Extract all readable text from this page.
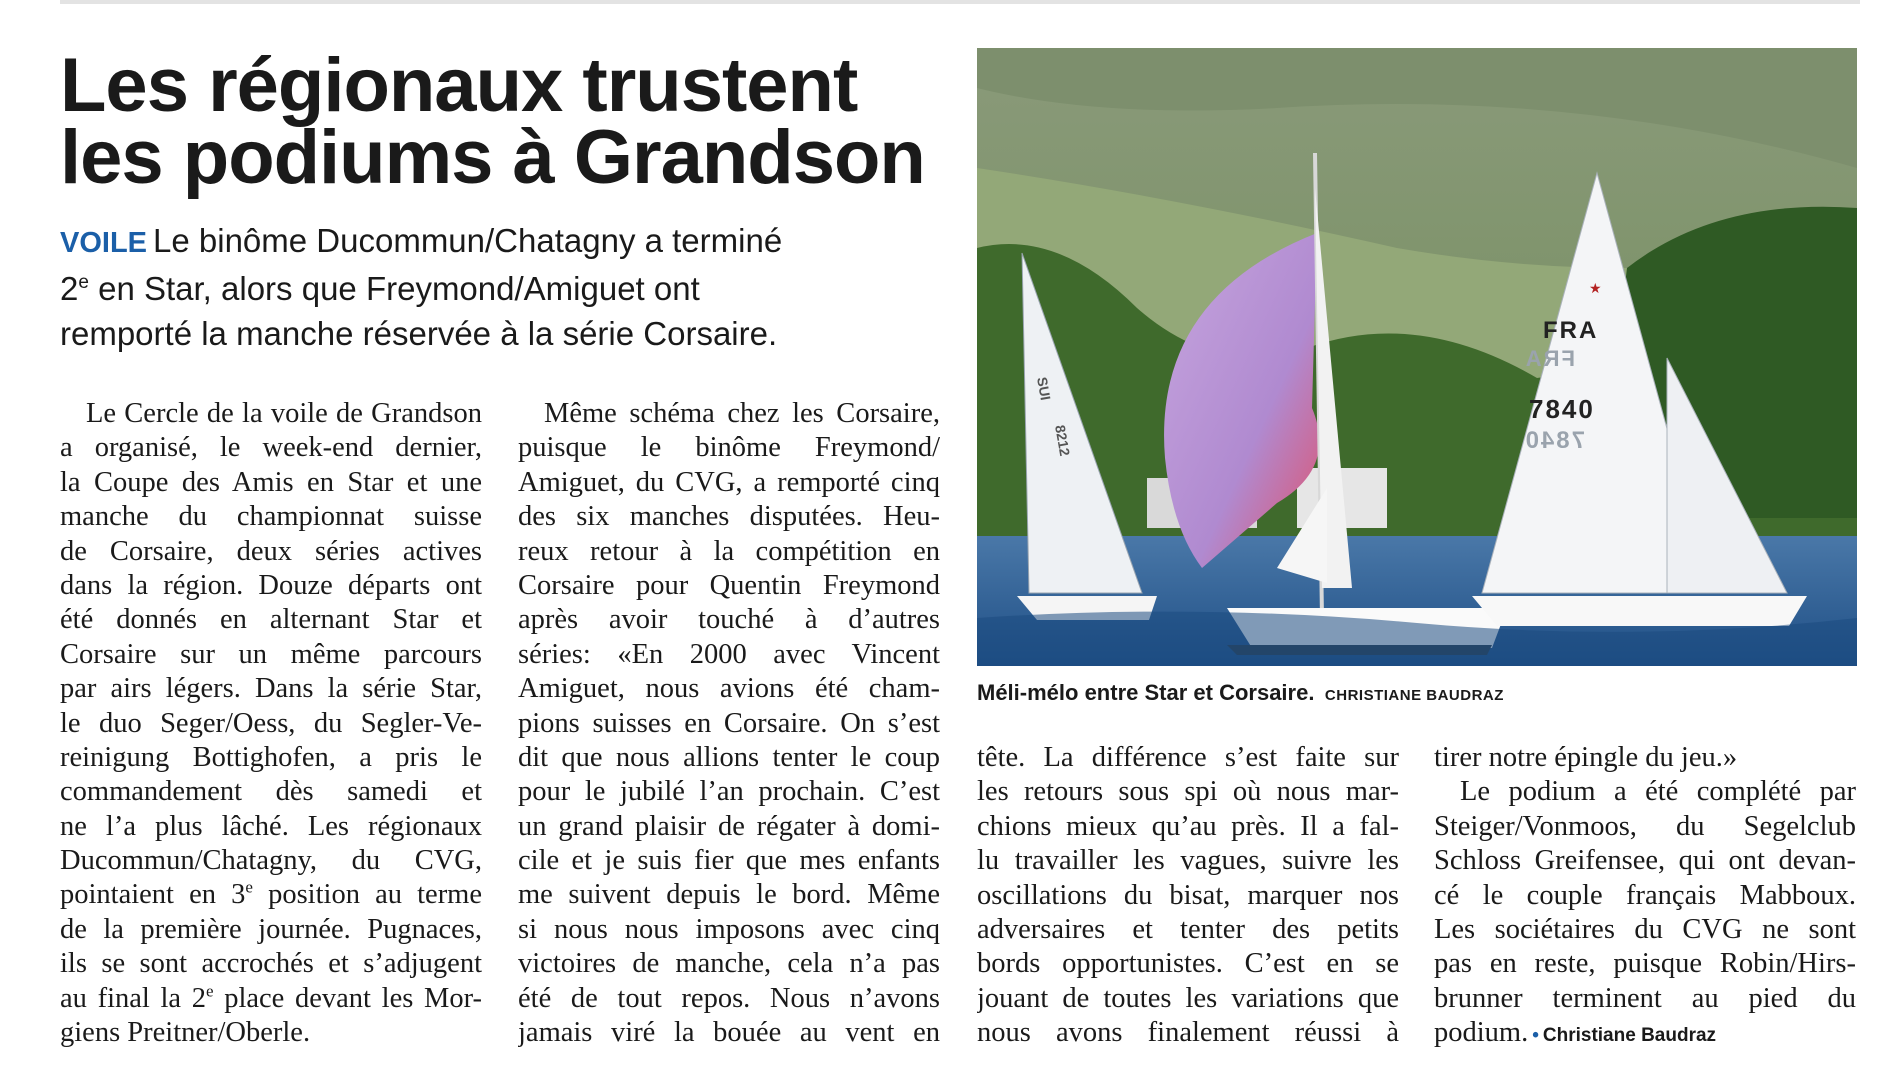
Les régionaux trustent
les podiums à Grandson
VOILE Le binôme Ducommun/Chatagny a terminé
2e en Star, alors que Freymond/Amiguet ont
remporté la manche réservée à la série Corsaire.
SUI
8212
★
FRA
FRA
7840
7840
Méli-mélo entre Star et Corsaire. CHRISTIANE BAUDRAZ
Le Cercle de la voile de Grandson
a organisé, le week-end dernier,
la Coupe des Amis en Star et une
manche du championnat suisse
de Corsaire, deux séries actives
dans la région. Douze départs ont
été donnés en alternant Star et
Corsaire sur un même parcours
par airs légers. Dans la série Star,
le duo Seger/Oess, du Segler-Ve-
reinigung Bottighofen, a pris le
commandement dès samedi et
ne l’a plus lâché. Les régionaux
Ducommun/Chatagny, du CVG,
pointaient en 3e position au terme
de la première journée. Pugnaces,
ils se sont accrochés et s’adjugent
au final la 2e place devant les Mor-
giens Preitner/Oberle.
Même schéma chez les Corsaire,
puisque le binôme Freymond/
Amiguet, du CVG, a remporté cinq
des six manches disputées. Heu-
reux retour à la compétition en
Corsaire pour Quentin Freymond
après avoir touché à d’autres
séries: «En 2000 avec Vincent
Amiguet, nous avions été cham-
pions suisses en Corsaire. On s’est
dit que nous allions tenter le coup
pour le jubilé l’an prochain. C’est
un grand plaisir de régater à domi-
cile et je suis fier que mes enfants
me suivent depuis le bord. Même
si nous nous imposons avec cinq
victoires de manche, cela n’a pas
été de tout repos. Nous n’avons
jamais viré la bouée au vent en
tête. La différence s’est faite sur
les retours sous spi où nous mar-
chions mieux qu’au près. Il a fal-
lu travailler les vagues, suivre les
oscillations du bisat, marquer nos
adversaires et tenter des petits
bords opportunistes. C’est en se
jouant de toutes les variations que
nous avons finalement réussi à
tirer notre épingle du jeu.»
Le podium a été complété par
Steiger/Vonmoos, du Segelclub
Schloss Greifensee, qui ont devan-
cé le couple français Mabboux.
Les sociétaires du CVG ne sont
pas en reste, puisque Robin/Hirs-
brunner terminent au pied du
podium. • Christiane Baudraz
